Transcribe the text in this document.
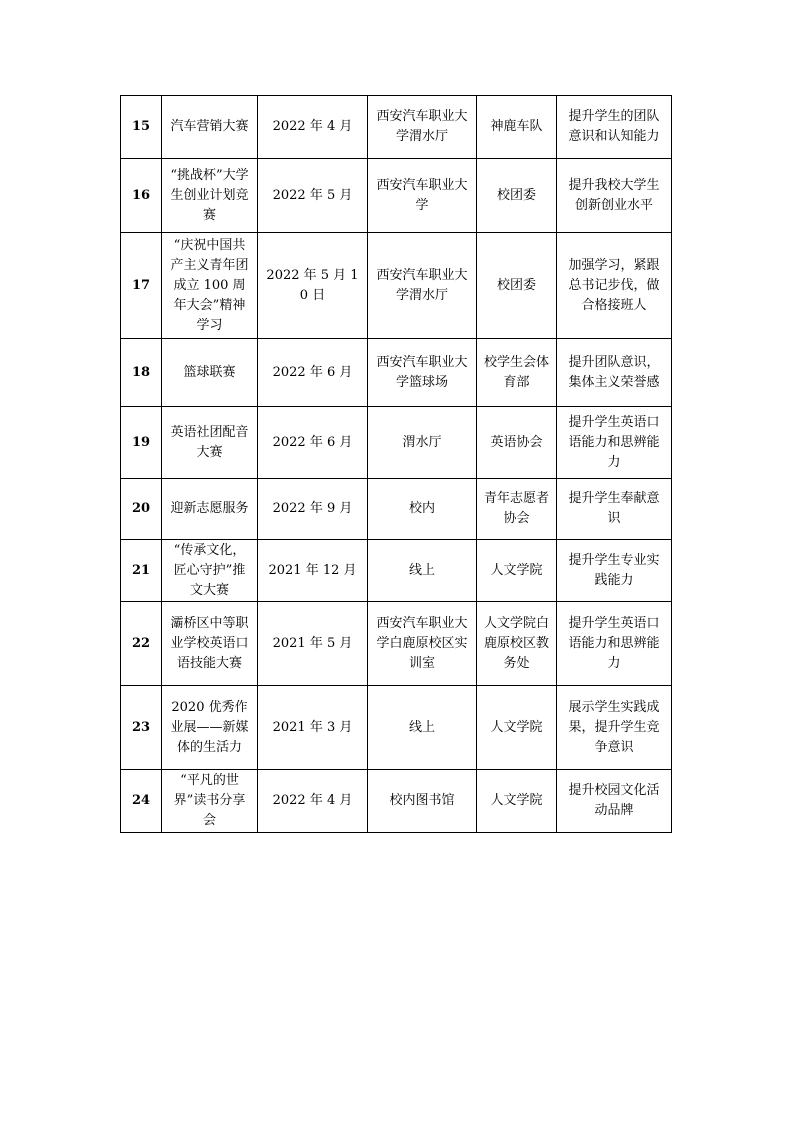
15	汽车营销大赛	2022 年 4 月	西安汽车职业大学渭水厅	神鹿车队	提升学生的团队意识和认知能力
16	“挑战杯”大学生创业计划竞赛	2022 年 5 月	西安汽车职业大学	校团委	提升我校大学生创新创业水平
17	“庆祝中国共产主义青年团成立 100 周年大会”精神学习	2022 年 5 月 10 日	西安汽车职业大学渭水厅	校团委	加强学习，紧跟总书记步伐，做合格接班人
18	篮球联赛	2022 年 6 月	西安汽车职业大学篮球场	校学生会体育部	提升团队意识，集体主义荣誉感
19	英语社团配音大赛	2022 年 6 月	渭水厅	英语协会	提升学生英语口语能力和思辨能力
20	迎新志愿服务	2022 年 9 月	校内	青年志愿者协会	提升学生奉献意识
21	“传承文化，匠心守护”推文大赛	2021 年 12 月	线上	人文学院	提升学生专业实践能力
22	灞桥区中等职业学校英语口语技能大赛	2021 年 5 月	西安汽车职业大学白鹿原校区实训室	人文学院白鹿原校区教务处	提升学生英语口语能力和思辨能力
23	2020 优秀作业展——新媒体的生活力	2021 年 3 月	线上	人文学院	展示学生实践成果，提升学生竞争意识
24	“平凡的世界”读书分享会	2022 年 4 月	校内图书馆	人文学院	提升校园文化活动品牌
